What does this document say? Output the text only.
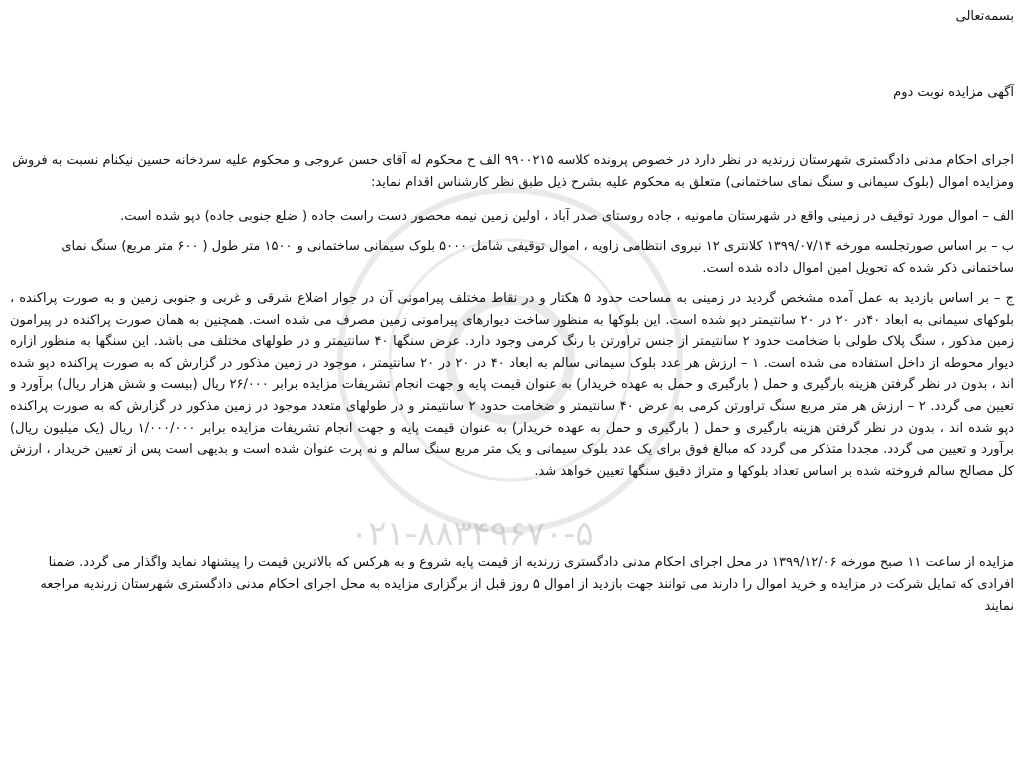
۰۲۱-۸۸۳۴۹۶۷۰-۵
بسمه‌تعالی
آگهی مزایده نوبت دوم
اجرای احکام مدنی دادگستری شهرستان زرندیه در نظر دارد در خصوص پرونده کلاسه ۹۹۰۰۲۱۵ الف ح محکوم له آقای حسن عروجی و محکوم علیه سردخانه حسین نیکنام نسبت به فروش ومزایده اموال (بلوک سیمانی و سنگ نمای ساختمانی) متعلق به محکوم علیه بشرح ذیل طبق نظر کارشناس اقدام نماید:
الف – اموال مورد توقیف در زمینی واقع در شهرستان مامونیه ، جاده روستای صدر آباد ، اولین زمین نیمه محصور دست راست جاده ( ضلع جنوبی جاده) دپو شده است.
ب – بر اساس صورتجلسه مورخه ۱۳۹۹/۰۷/۱۴ کلانتری ۱۲ نیروی انتظامی زاویه ، اموال توقیفی شامل ۵۰۰۰ بلوک سیمانی ساختمانی و ۱۵۰۰ متر طول ( ۶۰۰ متر مربع) سنگ نمای ساختمانی ذکر شده که تحویل امین اموال داده شده است.
ج – بر اساس بازدید به عمل آمده مشخص گردید در زمینی به مساحت حدود ۵ هکتار و در نقاط مختلف پیرامونی آن در جوار اضلاع شرقی و غربی و جنوبی زمین و به صورت پراکنده ، بلوکهای سیمانی به ابعاد ۴۰در ۲۰ در ۲۰ سانتیمتر دپو شده است. این بلوکها به منظور ساخت دیوارهای پیرامونی زمین مصرف می شده است. همچنین به همان صورت پراکنده در پیرامون زمین مذکور ، سنگ پلاک طولی با ضخامت حدود ۲ سانتیمتر از جنس تراورتن با رنگ کرمی وجود دارد. عرض سنگها ۴۰ سانتیمتر و در طولهای مختلف می باشد. این سنگها به منظور ازاره دیوار محوطه از داخل استفاده می شده است. ۱ – ارزش هر عدد بلوک سیمانی سالم به ابعاد ۴۰ در ۲۰ در ۲۰ سانتیمتر ، موجود در زمین مذکور در گزارش که به صورت پراکنده دپو شده اند ، بدون در نظر گرفتن هزینه بارگیری و حمل ( بارگیری و حمل به عهده خریدار) به عنوان قیمت پایه و جهت انجام تشریفات مزایده برابر ۲۶/۰۰۰ ریال (بیست و شش هزار ریال) برآورد و تعیین می گردد. ۲ – ارزش هر متر مربع سنگ تراورتن کرمی به عرض ۴۰ سانتیمتر و ضخامت حدود ۲ سانتیمتر و در طولهای متعدد موجود در زمین مذکور در گزارش که به صورت پراکنده دپو شده اند ، بدون در نظر گرفتن هزینه بارگیری و حمل ( بارگیری و حمل به عهده خریدار) به عنوان قیمت پایه و جهت انجام تشریفات مزایده برابر ۱/۰۰۰/۰۰۰ ریال (یک میلیون ریال) برآورد و تعیین می گردد. مجددا متذکر می گردد که مبالغ فوق برای یک عدد بلوک سیمانی و یک متر مربع سنگ سالم و نه پرت عنوان شده است و بدیهی است پس از تعیین خریدار ، ارزش کل مصالح سالم فروخته شده بر اساس تعداد بلوکها و متراژ دقیق سنگها تعیین خواهد شد.
مزایده از ساعت ۱۱ صبح مورخه ۱۳۹۹/۱۲/۰۶ در محل اجرای احکام مدنی دادگستری زرندیه از قیمت پایه شروع و به هرکس که بالاترین قیمت را پیشنهاد نماید واگذار می گردد. ضمنا افرادی که تمایل شرکت در مزایده و خرید اموال را دارند می توانند جهت بازدید از اموال ۵ روز قبل از برگزاری مزایده به محل اجرای احکام مدنی دادگستری شهرستان زرندیه مراجعه نمایند
